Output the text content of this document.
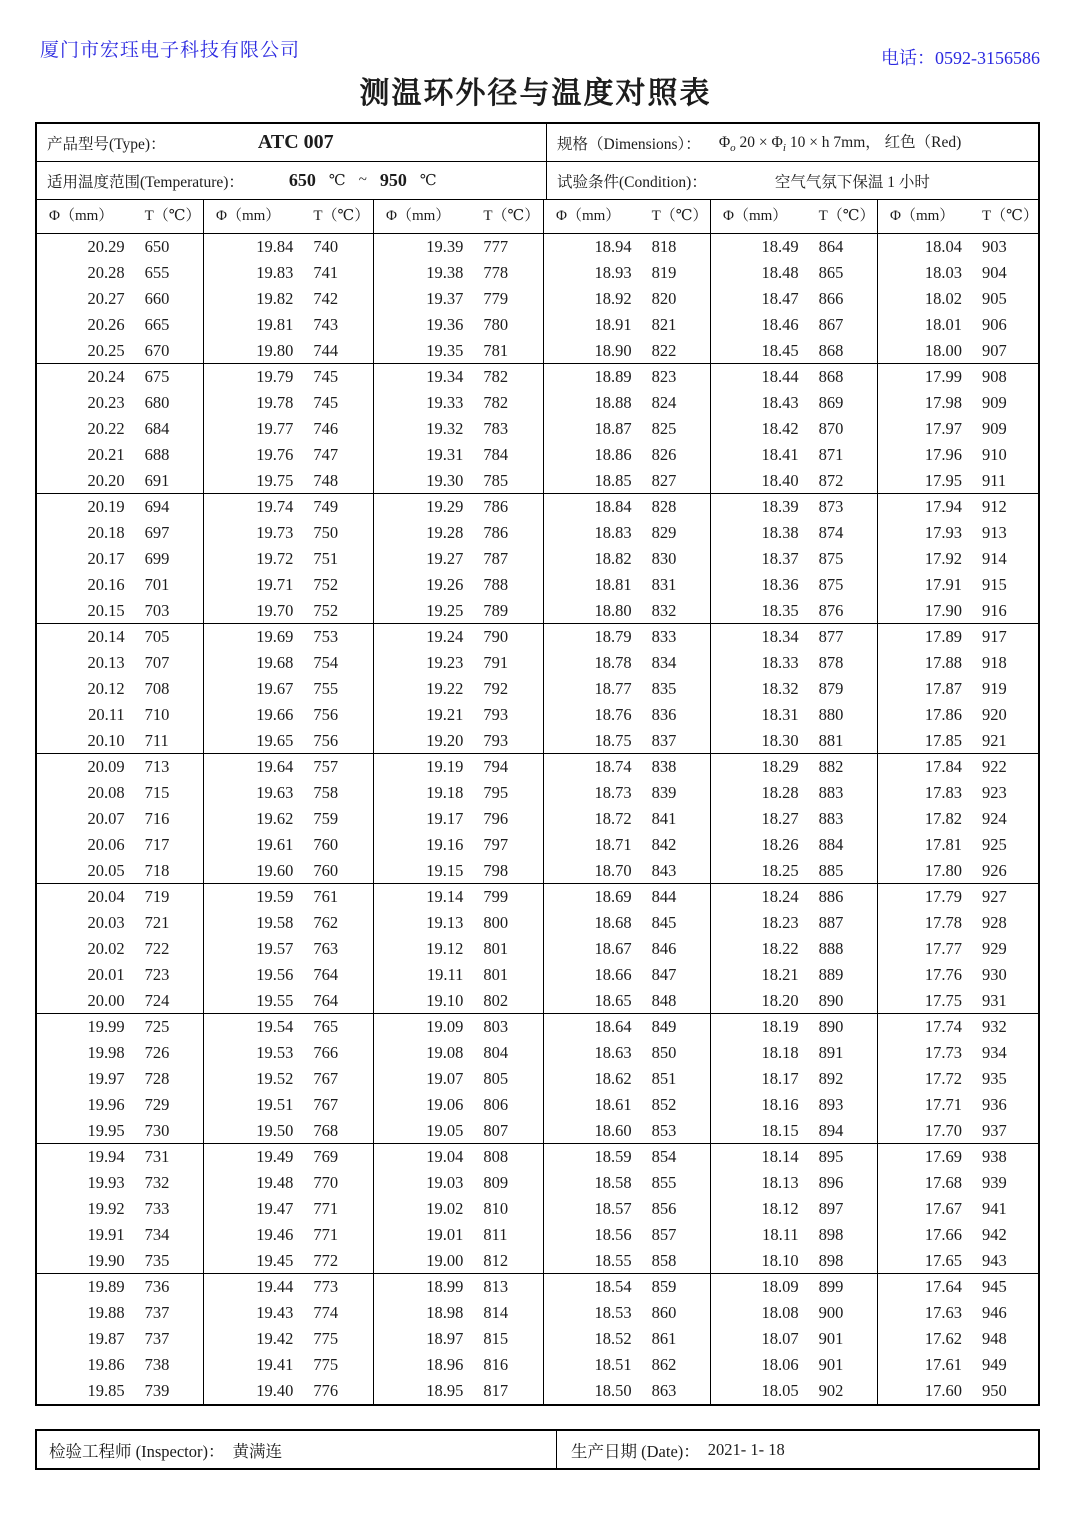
厦门市宏珏电子科技有限公司	电话：0592-3156586
测温环外径与温度对照表
产品型号(Type)：	ATC 007	规格（Dimensions）： $\Phi_o$ $20 \times \Phi_i$ 10 × h 7mm， 红色（Red)
适用温度范围(Temperature)：	650 ℃ ~ 950 ℃	试验条件(Condition)：	空气气氛下保温 1 小时
Φ（mm）	T（℃）	Φ（mm）	T（℃）	Φ（mm）	T（℃）	Φ（mm）	T（℃）	Φ（mm）	T（℃）	Φ（mm）	T（℃）
20.29	650	19.84	740	19.39	777	18.94	818	18.49	864	18.04	903
20.28	655	19.83	741	19.38	778	18.93	819	18.48	865	18.03	904
20.27	660	19.82	742	19.37	779	18.92	820	18.47	866	18.02	905
20.26	665	19.81	743	19.36	780	18.91	821	18.46	867	18.01	906
20.25	670	19.80	744	19.35	781	18.90	822	18.45	868	18.00	907
20.24	675	19.79	745	19.34	782	18.89	823	18.44	868	17.99	908
20.23	680	19.78	745	19.33	782	18.88	824	18.43	869	17.98	909
20.22	684	19.77	746	19.32	783	18.87	825	18.42	870	17.97	909
20.21	688	19.76	747	19.31	784	18.86	826	18.41	871	17.96	910
20.20	691	19.75	748	19.30	785	18.85	827	18.40	872	17.95	911
20.19	694	19.74	749	19.29	786	18.84	828	18.39	873	17.94	912
20.18	697	19.73	750	19.28	786	18.83	829	18.38	874	17.93	913
20.17	699	19.72	751	19.27	787	18.82	830	18.37	875	17.92	914
20.16	701	19.71	752	19.26	788	18.81	831	18.36	875	17.91	915
20.15	703	19.70	752	19.25	789	18.80	832	18.35	876	17.90	916
20.14	705	19.69	753	19.24	790	18.79	833	18.34	877	17.89	917
20.13	707	19.68	754	19.23	791	18.78	834	18.33	878	17.88	918
20.12	708	19.67	755	19.22	792	18.77	835	18.32	879	17.87	919
20.11	710	19.66	756	19.21	793	18.76	836	18.31	880	17.86	920
20.10	711	19.65	756	19.20	793	18.75	837	18.30	881	17.85	921
20.09	713	19.64	757	19.19	794	18.74	838	18.29	882	17.84	922
20.08	715	19.63	758	19.18	795	18.73	839	18.28	883	17.83	923
20.07	716	19.62	759	19.17	796	18.72	841	18.27	883	17.82	924
20.06	717	19.61	760	19.16	797	18.71	842	18.26	884	17.81	925
20.05	718	19.60	760	19.15	798	18.70	843	18.25	885	17.80	926
20.04	719	19.59	761	19.14	799	18.69	844	18.24	886	17.79	927
20.03	721	19.58	762	19.13	800	18.68	845	18.23	887	17.78	928
20.02	722	19.57	763	19.12	801	18.67	846	18.22	888	17.77	929
20.01	723	19.56	764	19.11	801	18.66	847	18.21	889	17.76	930
20.00	724	19.55	764	19.10	802	18.65	848	18.20	890	17.75	931
19.99	725	19.54	765	19.09	803	18.64	849	18.19	890	17.74	932
19.98	726	19.53	766	19.08	804	18.63	850	18.18	891	17.73	934
19.97	728	19.52	767	19.07	805	18.62	851	18.17	892	17.72	935
19.96	729	19.51	767	19.06	806	18.61	852	18.16	893	17.71	936
19.95	730	19.50	768	19.05	807	18.60	853	18.15	894	17.70	937
19.94	731	19.49	769	19.04	808	18.59	854	18.14	895	17.69	938
19.93	732	19.48	770	19.03	809	18.58	855	18.13	896	17.68	939
19.92	733	19.47	771	19.02	810	18.57	856	18.12	897	17.67	941
19.91	734	19.46	771	19.01	811	18.56	857	18.11	898	17.66	942
19.90	735	19.45	772	19.00	812	18.55	858	18.10	898	17.65	943
19.89	736	19.44	773	18.99	813	18.54	859	18.09	899	17.64	945
19.88	737	19.43	774	18.98	814	18.53	860	18.08	900	17.63	946
19.87	737	19.42	775	18.97	815	18.52	861	18.07	901	17.62	948
19.86	738	19.41	775	18.96	816	18.51	862	18.06	901	17.61	949
19.85	739	19.40	776	18.95	817	18.50	863	18.05	902	17.60	950
检验工程师 (Inspector)： 黄满连	生产日期 (Date)： 2021- 1- 18
